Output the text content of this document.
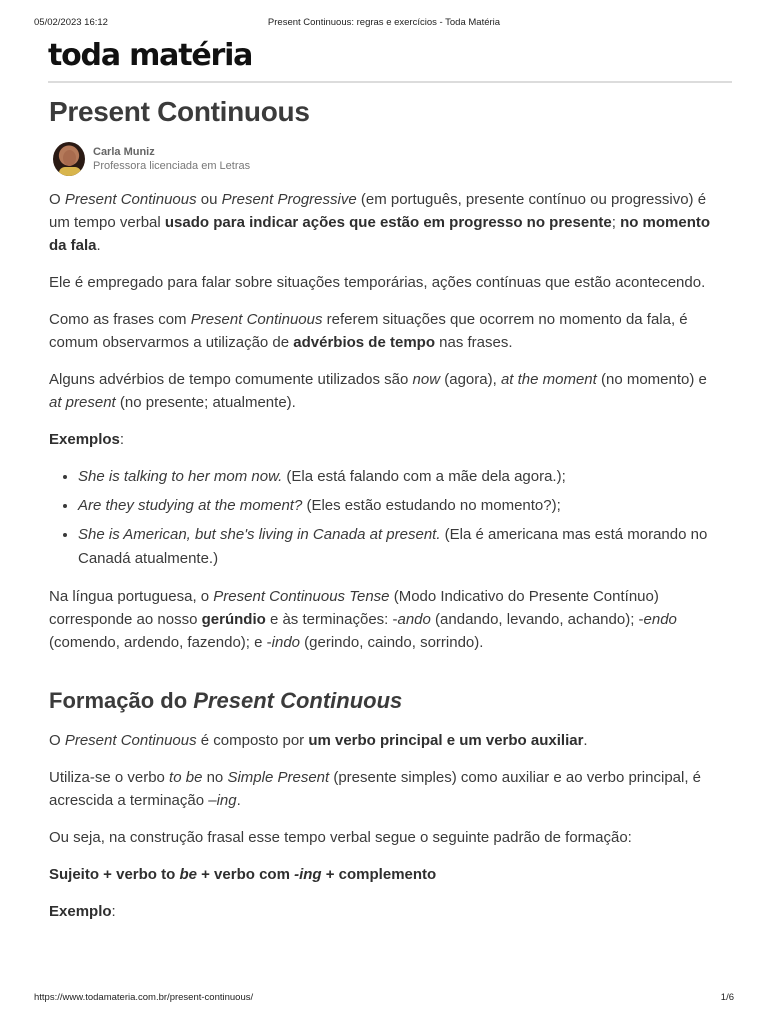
05/02/2023 16:12	Present Continuous: regras e exercícios - Toda Matéria
toda matéria
Present Continuous
Carla Muniz
Professora licenciada em Letras

O Present Continuous ou Present Progressive (em português, presente contínuo ou progressivo) é um tempo verbal usado para indicar ações que estão em progresso no presente; no momento da fala.

Ele é empregado para falar sobre situações temporárias, ações contínuas que estão acontecendo.

Como as frases com Present Continuous referem situações que ocorrem no momento da fala, é comum observarmos a utilização de advérbios de tempo nas frases.

Alguns advérbios de tempo comumente utilizados são now (agora), at the moment (no momento) e at present (no presente; atualmente).

Exemplos:

• She is talking to her mom now. (Ela está falando com a mãe dela agora.);
• Are they studying at the moment? (Eles estão estudando no momento?);
• She is American, but she's living in Canada at present. (Ela é americana mas está morando no Canadá atualmente.)

Na língua portuguesa, o Present Continuous Tense (Modo Indicativo do Presente Contínuo) corresponde ao nosso gerúndio e às terminações: -ando (andando, levando, achando); -endo (comendo, ardendo, fazendo); e -indo (gerindo, caindo, sorrindo).

Formação do Present Continuous

O Present Continuous é composto por um verbo principal e um verbo auxiliar.

Utiliza-se o verbo to be no Simple Present (presente simples) como auxiliar e ao verbo principal, é acrescida a terminação –ing.

Ou seja, na construção frasal esse tempo verbal segue o seguinte padrão de formação:

Sujeito + verbo to be + verbo com -ing + complemento

Exemplo:

https://www.todamateria.com.br/present-continuous/	1/6
